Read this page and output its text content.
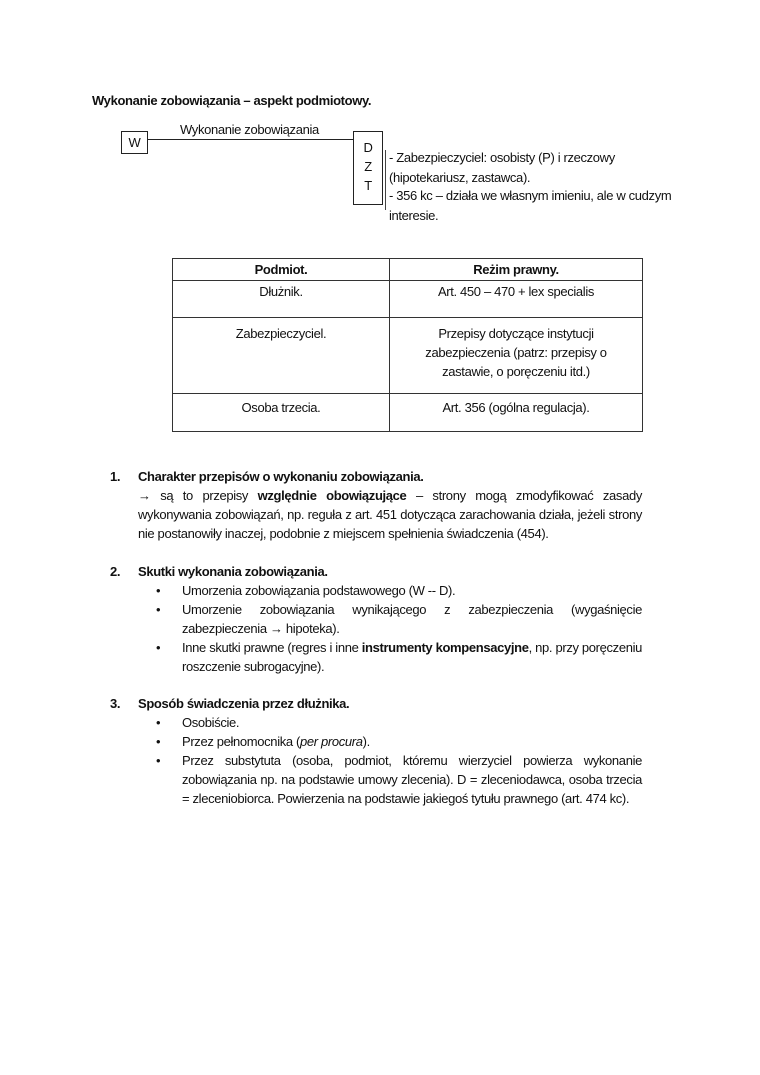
Wykonanie zobowiązania – aspekt podmiotowy.
W
Wykonanie zobowiązania
D
Z
T
- Zabezpieczyciel: osobisty (P) i rzeczowy
(hipotekariusz, zastawca).
- 356 kc – działa we własnym imieniu, ale w cudzym
interesie.
Podmiot.	Reżim prawny.
Dłużnik.	Art. 450 – 470 + lex specialis
Zabezpieczyciel.	Przepisy dotyczące instytucji zabezpieczenia (patrz: przepisy o zastawie, o poręczeniu itd.)
Osoba trzecia.	Art. 356 (ogólna regulacja).
1. Charakter przepisów o wykonaniu zobowiązania.
→ są to przepisy względnie obowiązujące – strony mogą zmodyfikować zasady wykonywania zobowiązań, np. reguła z art. 451 dotycząca zarachowania działa, jeżeli strony nie postanowiły inaczej, podobnie z miejscem spełnienia świadczenia (454).
2. Skutki wykonania zobowiązania.
• Umorzenia zobowiązania podstawowego (W -- D).
• Umorzenie zobowiązania wynikającego z zabezpieczenia (wygaśnięcie zabezpieczenia → hipoteka).
• Inne skutki prawne (regres i inne instrumenty kompensacyjne, np. przy poręczeniu roszczenie subrogacyjne).
3. Sposób świadczenia przez dłużnika.
• Osobiście.
• Przez pełnomocnika (per procura).
• Przez substytuta (osoba, podmiot, któremu wierzyciel powierza wykonanie zobowiązania np. na podstawie umowy zlecenia). D = zleceniodawca, osoba trzecia = zleceniobiorca. Powierzenia na podstawie jakiegoś tytułu prawnego (art. 474 kc).
